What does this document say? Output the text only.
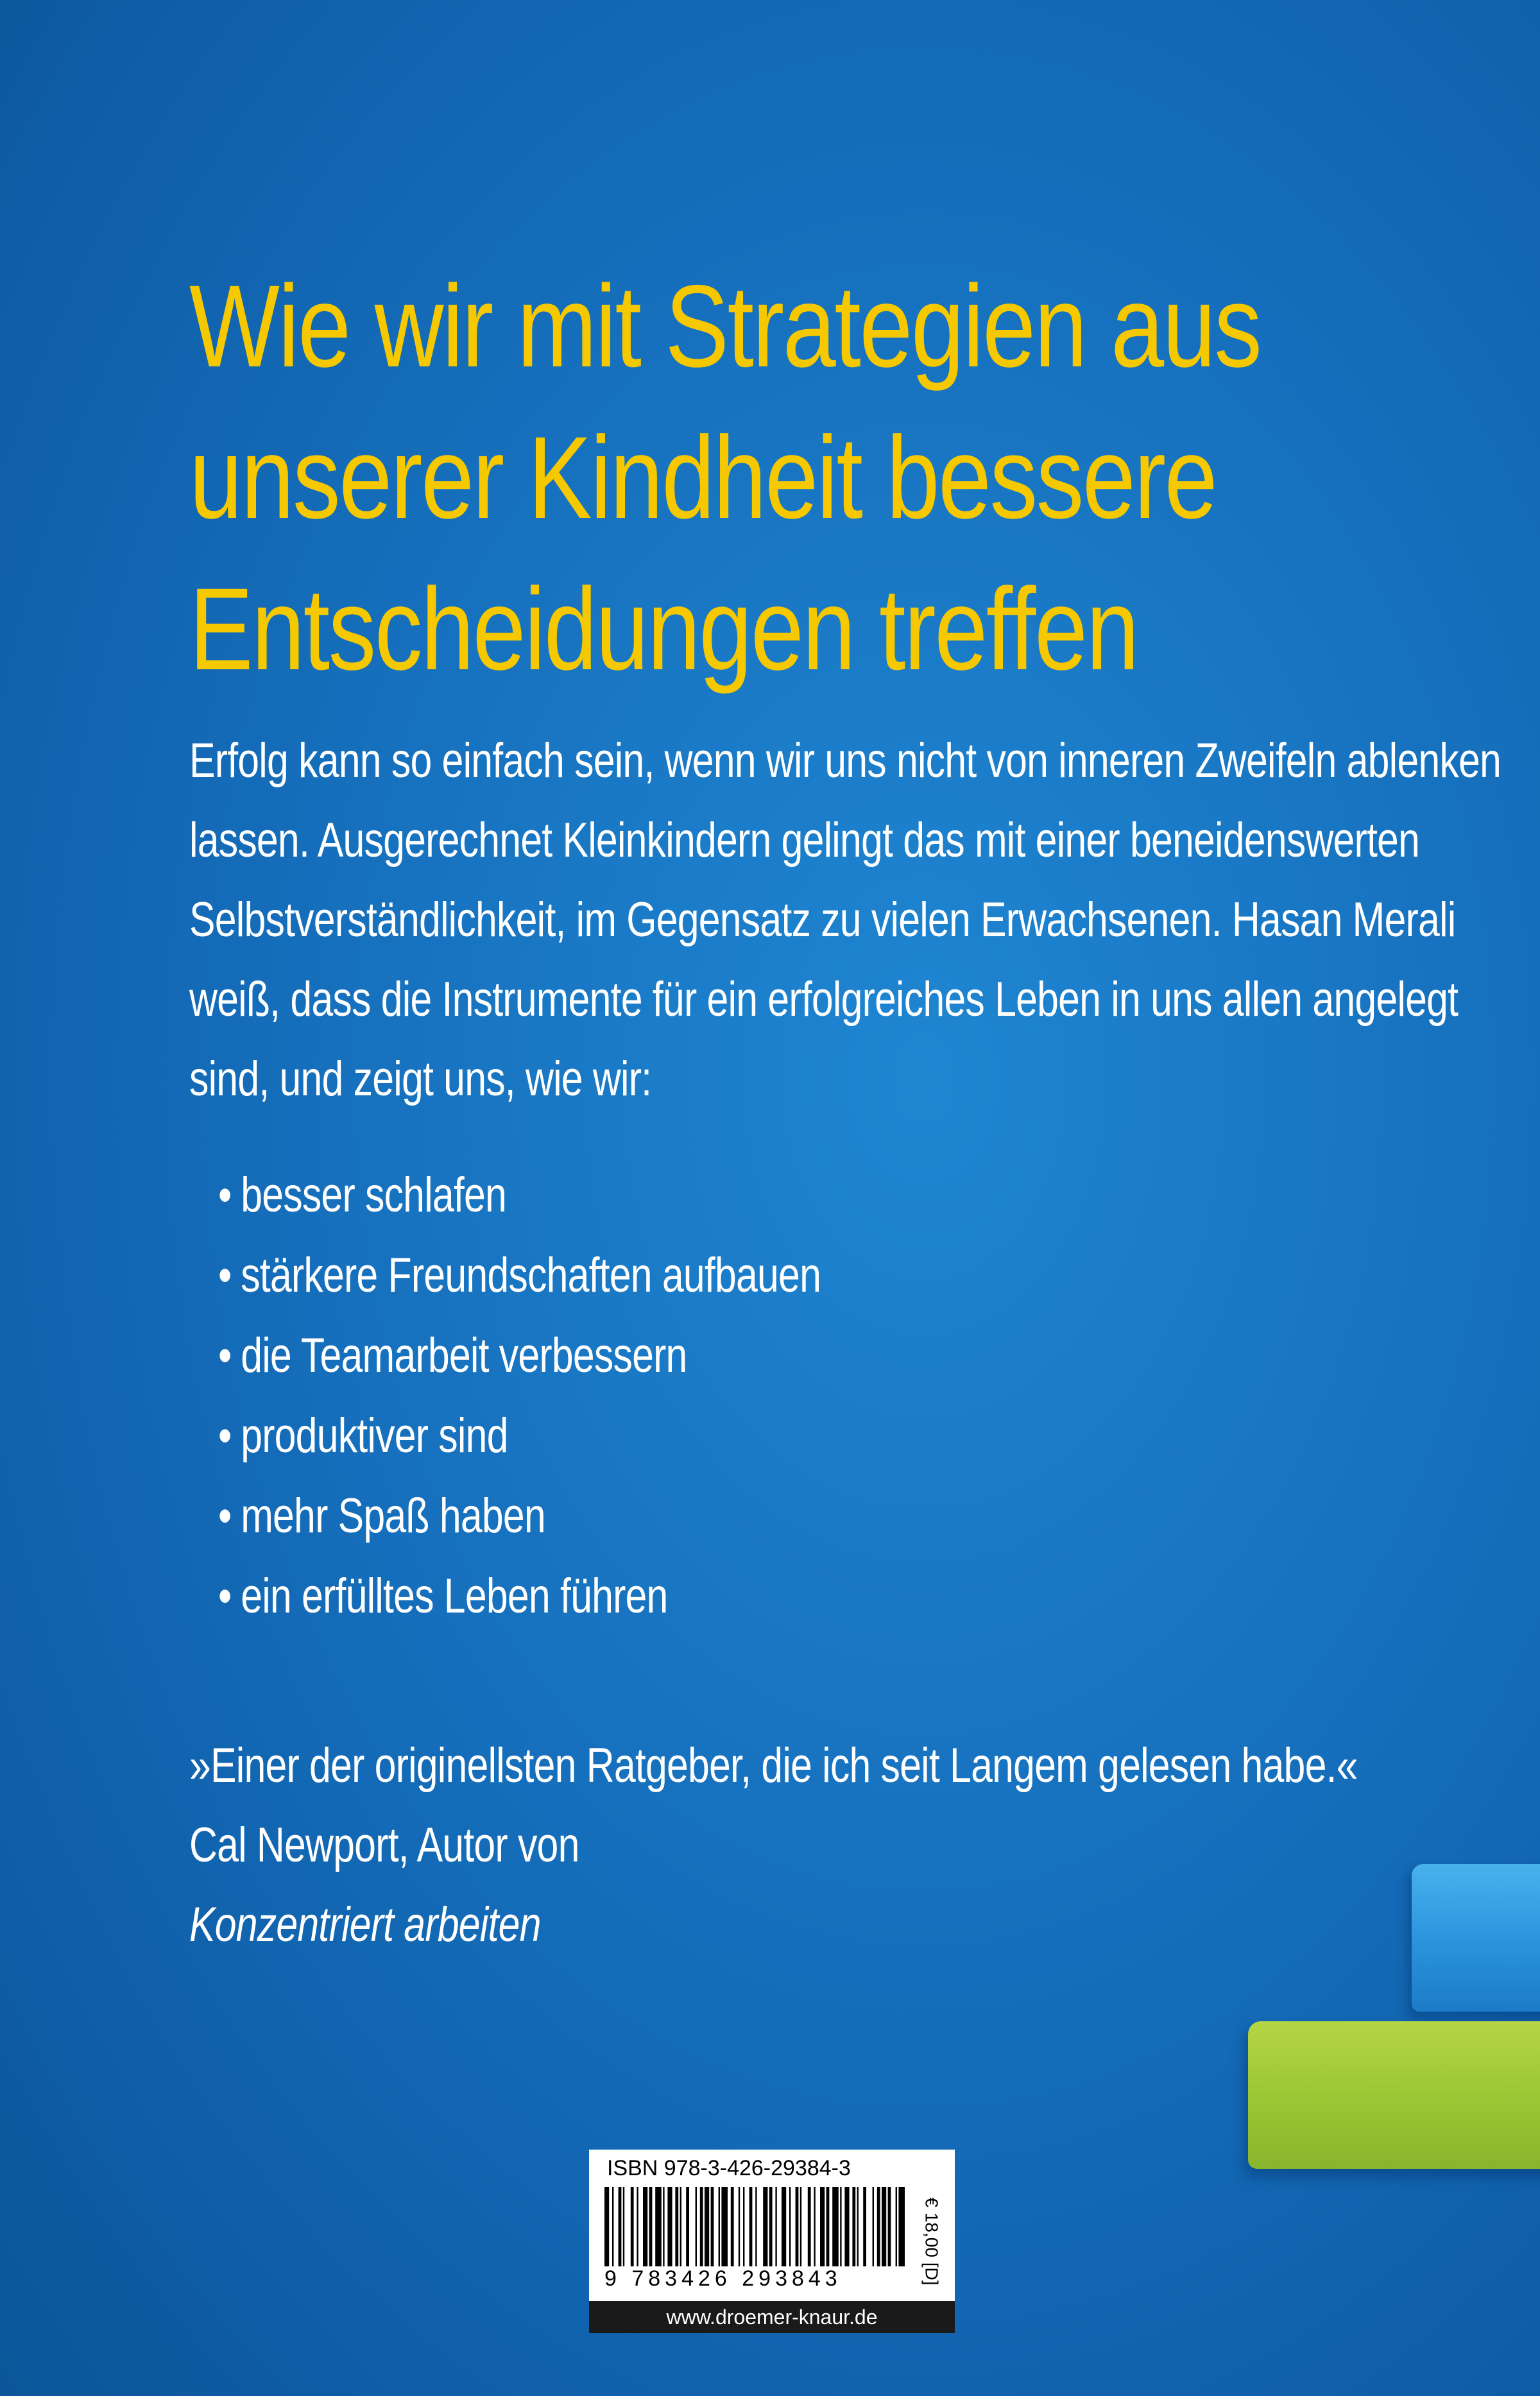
Wie wir mit Strategien aus
unserer Kindheit bessere
Entscheidungen treffen
Erfolg kann so einfach sein, wenn wir uns nicht von inneren Zweifeln ablenken
lassen. Ausgerechnet Kleinkindern gelingt das mit einer beneidenswerten
Selbstverständlichkeit, im Gegensatz zu vielen Erwachsenen. Hasan Merali
weiß, dass die Instrumente für ein erfolgreiches Leben in uns allen angelegt
sind, und zeigt uns, wie wir:
• besser schlafen
• stärkere Freundschaften aufbauen
• die Teamarbeit verbessern
• produktiver sind
• mehr Spaß haben
• ein erfülltes Leben führen
»Einer der originellsten Ratgeber, die ich seit Langem gelesen habe.«
Cal Newport, Autor von
Konzentriert arbeiten
ISBN 978-3-426-29384-3
9 783426 293843	€ 18,00 [D]
www.droemer-knaur.de
